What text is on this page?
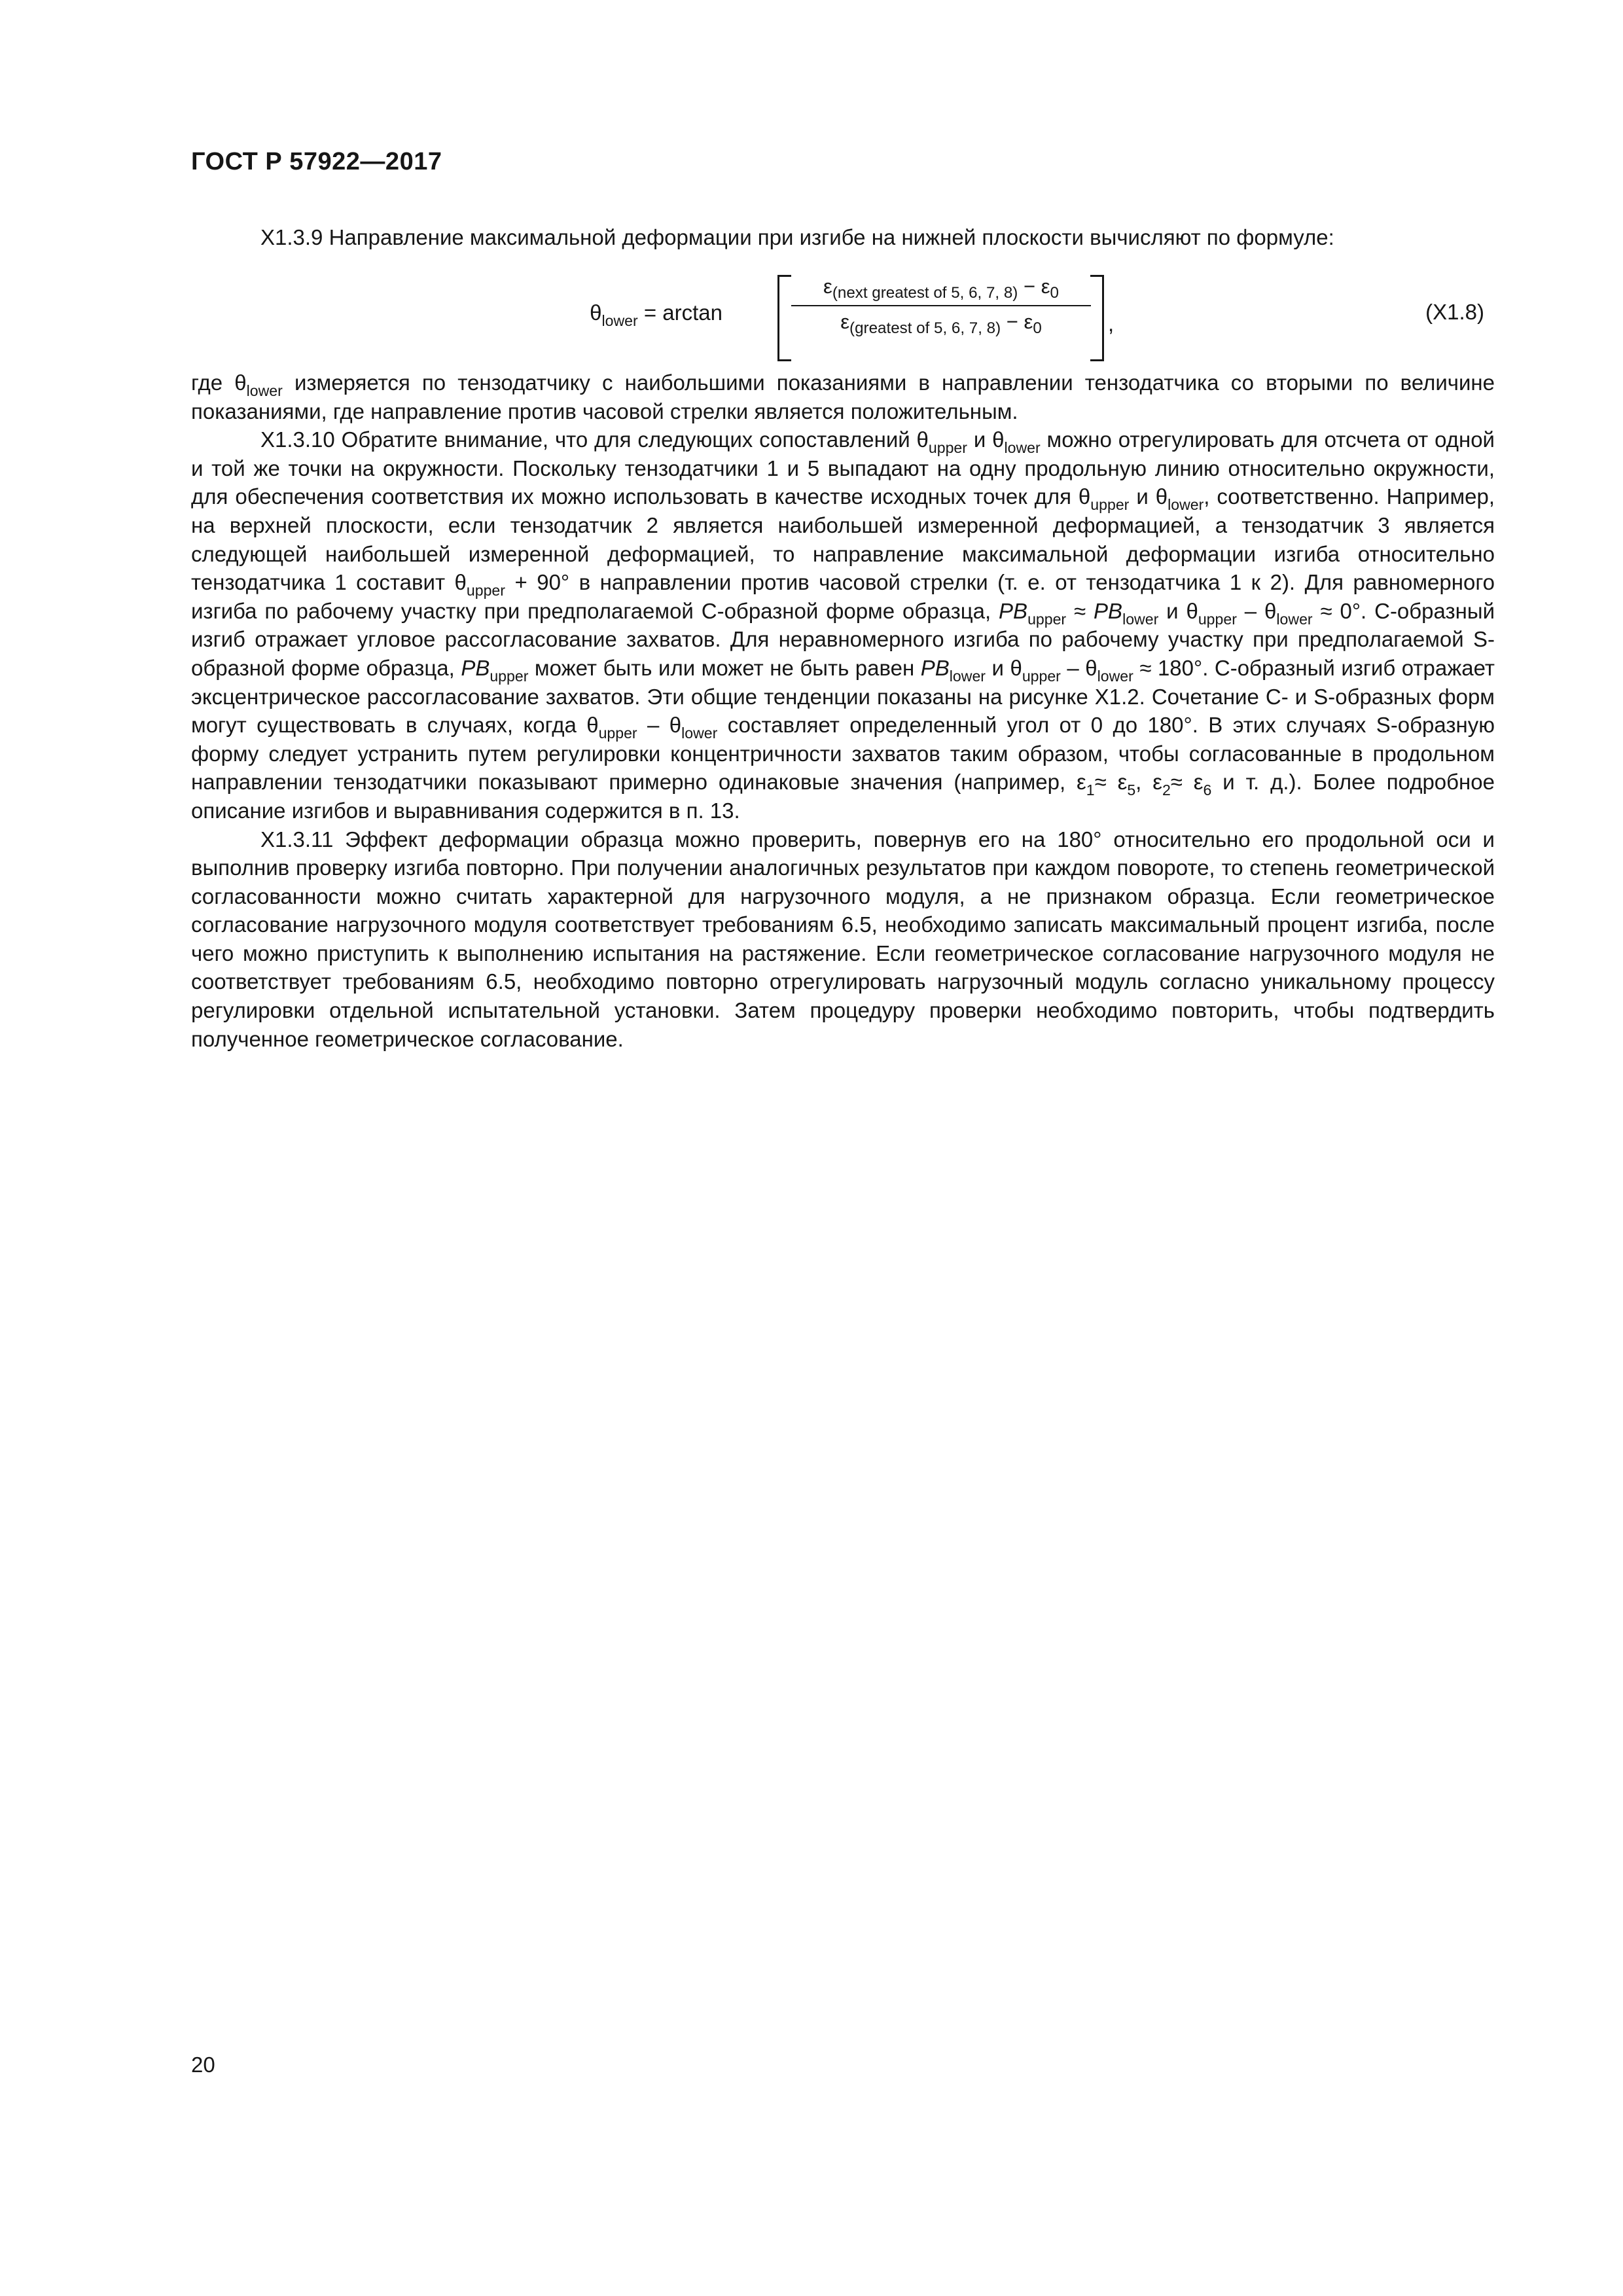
ГОСТ Р 57922—2017

X1.3.9 Направление максимальной деформации при изгибе на нижней плоскости вычисляют по формуле:

$\theta_{lower} = \arctan$
$\varepsilon_{(next greatest of 5, 6, 7, 8)} - \varepsilon_0$
$\varepsilon_{(greatest of 5, 6, 7, 8)} - \varepsilon_0$	,	(X1.8)

где $\theta_{lower}$ измеряется по тензодатчику с наибольшими показаниями в направлении тензодатчика со вторыми по величине показаниями, где направление против часовой стрелки является положительным.

X1.3.10 Обратите внимание, что для следующих сопоставлений $\theta_{upper}$ и $\theta_{lower}$ можно отрегулировать для отсчета от одной и той же точки на окружности. Поскольку тензодатчики 1 и 5 выпадают на одну продольную линию относительно окружности, для обеспечения соответствия их можно использовать в качестве исходных точек для $\theta_{upper}$ и $\theta_{lower}$, соответственно. Например, на верхней плоскости, если тензодатчик 2 является наибольшей измеренной деформацией, а тензодатчик 3 является следующей наибольшей измеренной деформацией, то направление максимальной деформации изгиба относительно тензодатчика 1 составит $\theta_{upper} + 90^\circ$ в направлении против часовой стрелки (т. е. от тензодатчика 1 к 2). Для равномерного изгиба по рабочему участку при предполагаемой С-образной форме образца, $PB_{upper} \approx PB_{lower}$ и $\theta_{upper} - \theta_{lower} \approx 0^\circ$. С-образный изгиб отражает угловое рассогласование захватов. Для неравномерного изгиба по рабочему участку при предполагаемой S-образной форме образца, $PB_{upper}$ может быть или может не быть равен $PB_{lower}$ и $\theta_{upper} - \theta_{lower} \approx 180^\circ$. С-образный изгиб отражает эксцентрическое рассогласование захватов. Эти общие тенденции показаны на рисунке X1.2. Сочетание С- и S-образных форм могут существовать в случаях, когда $\theta_{upper} - \theta_{lower}$ составляет определенный угол от 0 до 180°. В этих случаях S-образную форму следует устранить путем регулировки концентричности захватов таким образом, чтобы согласованные в продольном направлении тензодатчики показывают примерно одинаковые значения (например, $\varepsilon_1\approx \varepsilon_5$, $\varepsilon_2\approx \varepsilon_6$ и т. д.). Более подробное описание изгибов и выравнивания содержится в п. 13.

X1.3.11 Эффект деформации образца можно проверить, повернув его на 180° относительно его продольной оси и выполнив проверку изгиба повторно. При получении аналогичных результатов при каждом повороте, то степень геометрической согласованности можно считать характерной для нагрузочного модуля, а не признаком образца. Если геометрическое согласование нагрузочного модуля соответствует требованиям 6.5, необходимо записать максимальный процент изгиба, после чего можно приступить к выполнению испытания на растяжение. Если геометрическое согласование нагрузочного модуля не соответствует требованиям 6.5, необходимо повторно отрегулировать нагрузочный модуль согласно уникальному процессу регулировки отдельной испытательной установки. Затем процедуру проверки необходимо повторить, чтобы подтвердить полученное геометрическое согласование.

20
